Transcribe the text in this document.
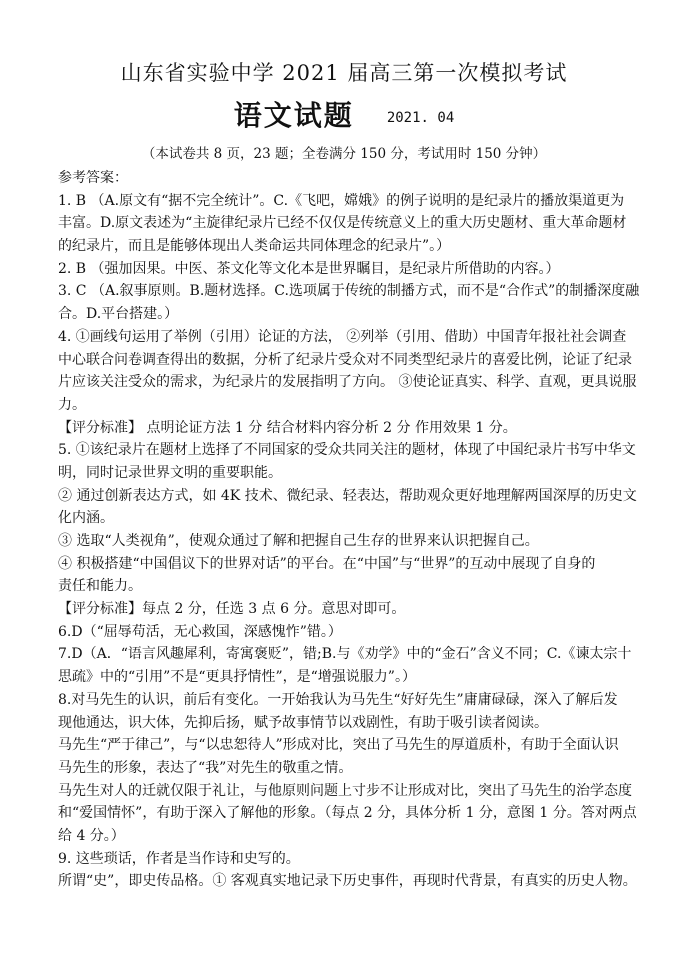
山东省实验中学 2021 届高三第一次模拟考试
语文试题 2021. 04
（本试卷共 8 页，23 题；全卷满分 150 分，考试用时 150 分钟）
参考答案：
1. B （A.原文有“据不完全统计”。C.《飞吧，嫦娥》的例子说明的是纪录片的播放渠道更为
丰富。D.原文表述为“主旋律纪录片已经不仅仅是传统意义上的重大历史题材、重大革命题材
的纪录片，而且是能够体现出人类命运共同体理念的纪录片”。）
2. B （强加因果。中医、茶文化等文化本是世界瞩目，是纪录片所借助的内容。）
3. C （A.叙事原则。B.题材选择。C.选项属于传统的制播方式，而不是“合作式”的制播深度融
合。D.平台搭建。）
4. ①画线句运用了举例（引用）论证的方法， ②列举（引用、借助）中国青年报社社会调查
中心联合问卷调查得出的数据，分析了纪录片受众对不同类型纪录片的喜爱比例，论证了纪录
片应该关注受众的需求，为纪录片的发展指明了方向。 ③使论证真实、科学、直观，更具说服
力。
【评分标准】 点明论证方法 1 分 结合材料内容分析 2 分 作用效果 1 分。
5. ①该纪录片在题材上选择了不同国家的受众共同关注的题材，体现了中国纪录片书写中华文
明，同时记录世界文明的重要职能。
② 通过创新表达方式，如 4K 技术、微纪录、轻表达，帮助观众更好地理解两国深厚的历史文
化内涵。
③ 选取“人类视角”，使观众通过了解和把握自己生存的世界来认识把握自己。
④ 积极搭建“中国倡议下的世界对话”的平台。在“中国”与“世界”的互动中展现了自身的
责任和能力。
【评分标准】每点 2 分，任选 3 点 6 分。意思对即可。
6.D（“屈辱苟活，无心救国，深感愧怍”错。）
7.D（A．“语言风趣犀利，寄寓褒贬”，错;B.与《劝学》中的“金石”含义不同；C.《谏太宗十
思疏》中的“引用”不是“更具抒情性”，是“增强说服力”。）
8.对马先生的认识，前后有变化。一开始我认为马先生“好好先生”庸庸碌碌，深入了解后发
现他通达，识大体，先抑后扬，赋予故事情节以戏剧性，有助于吸引读者阅读。
马先生“严于律己”，与“以忠恕待人”形成对比，突出了马先生的厚道质朴，有助于全面认识
马先生的形象，表达了“我”对先生的敬重之情。
马先生对人的迁就仅限于礼让，与他原则问题上寸步不让形成对比，突出了马先生的治学态度
和“爱国情怀”，有助于深入了解他的形象。（每点 2 分，具体分析 1 分，意图 1 分。答对两点
给 4 分。）
9. 这些琐话，作者是当作诗和史写的。
所谓“史”，即史传品格。① 客观真实地记录下历史事件，再现时代背景，有真实的历史人物。
